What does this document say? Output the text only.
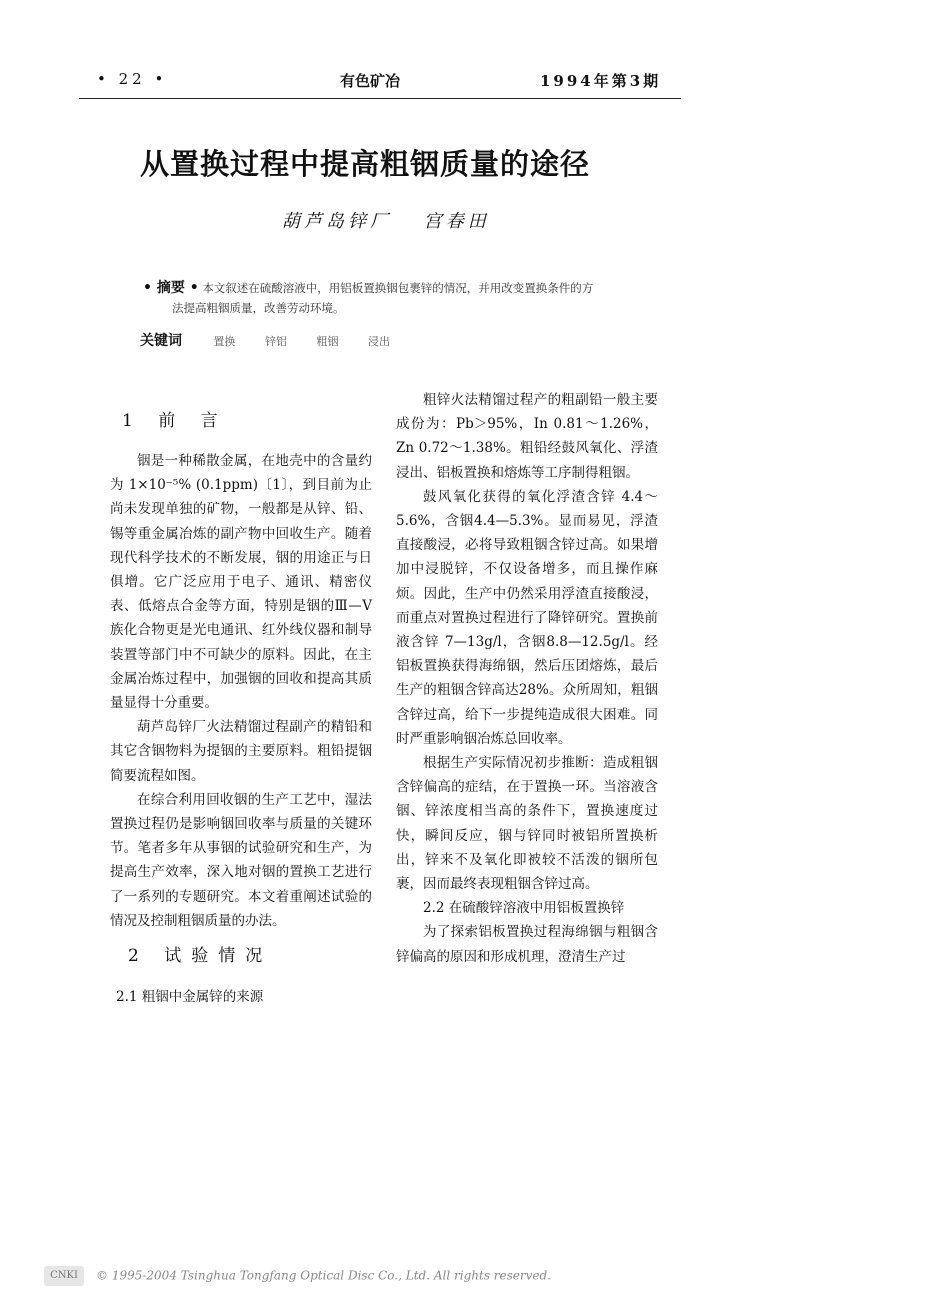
• 22 •	有色矿冶	1994年第3期
从置换过程中提高粗铟质量的途径
葫芦岛锌厂 宫春田
• 摘要 • 本文叙述在硫酸溶液中，用铝板置换铟包裹锌的情况，并用改变置换条件的方
法提高粗铟质量，改善劳动环境。
关键词	置换	锌铝	粗铟	浸出
1 前 言

铟是一种稀散金属，在地壳中的含量约为 1×10⁻⁵% (0.1ppm)〔1〕，到目前为止尚未发现单独的矿物，一般都是从锌、铅、锡等重金属冶炼的副产物中回收生产。随着现代科学技术的不断发展，铟的用途正与日俱增。它广泛应用于电子、通讯、精密仪表、低熔点合金等方面，特别是铟的Ⅲ—Ⅴ族化合物更是光电通讯、红外线仪器和制导装置等部门中不可缺少的原料。因此，在主金属冶炼过程中，加强铟的回收和提高其质量显得十分重要。

葫芦岛锌厂火法精馏过程副产的精铅和其它含铟物料为提铟的主要原料。粗铅提铟简要流程如图。

在综合利用回收铟的生产工艺中，湿法置换过程仍是影响铟回收率与质量的关键环节。笔者多年从事铟的试验研究和生产，为提高生产效率，深入地对铟的置换工艺进行了一系列的专题研究。本文着重阐述试验的情况及控制粗铟质量的办法。

2 试验情况
2.1 粗铟中金属锌的来源

粗锌火法精馏过程产的粗副铅一般主要成份为：Pb＞95%，In 0.81～1.26%，Zn 0.72～1.38%。粗铅经鼓风氧化、浮渣浸出、铝板置换和熔炼等工序制得粗铟。

鼓风氧化获得的氧化浮渣含锌 4.4～5.6%，含铟4.4—5.3%。显而易见，浮渣直接酸浸，必将导致粗铟含锌过高。如果增加中浸脱锌，不仅设备增多，而且操作麻烦。因此，生产中仍然采用浮渣直接酸浸，而重点对置换过程进行了降锌研究。置换前液含锌 7—13g/l，含铟8.8—12.5g/l。经铝板置换获得海绵铟，然后压团熔炼，最后生产的粗铟含锌高达28%。众所周知，粗铟含锌过高，给下一步提纯造成很大困难。同时严重影响铟冶炼总回收率。

根据生产实际情况初步推断：造成粗铟含锌偏高的症结，在于置换一环。当溶液含铟、锌浓度相当高的条件下，置换速度过快，瞬间反应，铟与锌同时被铝所置换析出，锌来不及氧化即被较不活泼的铟所包裹，因而最终表现粗铟含锌过高。

2.2 在硫酸锌溶液中用铝板置换锌

为了探索铝板置换过程海绵铟与粗铟含锌偏高的原因和形成机理，澄清生产过

CNKI © 1995-2004 Tsinghua Tongfang Optical Disc Co., Ltd. All rights reserved.
